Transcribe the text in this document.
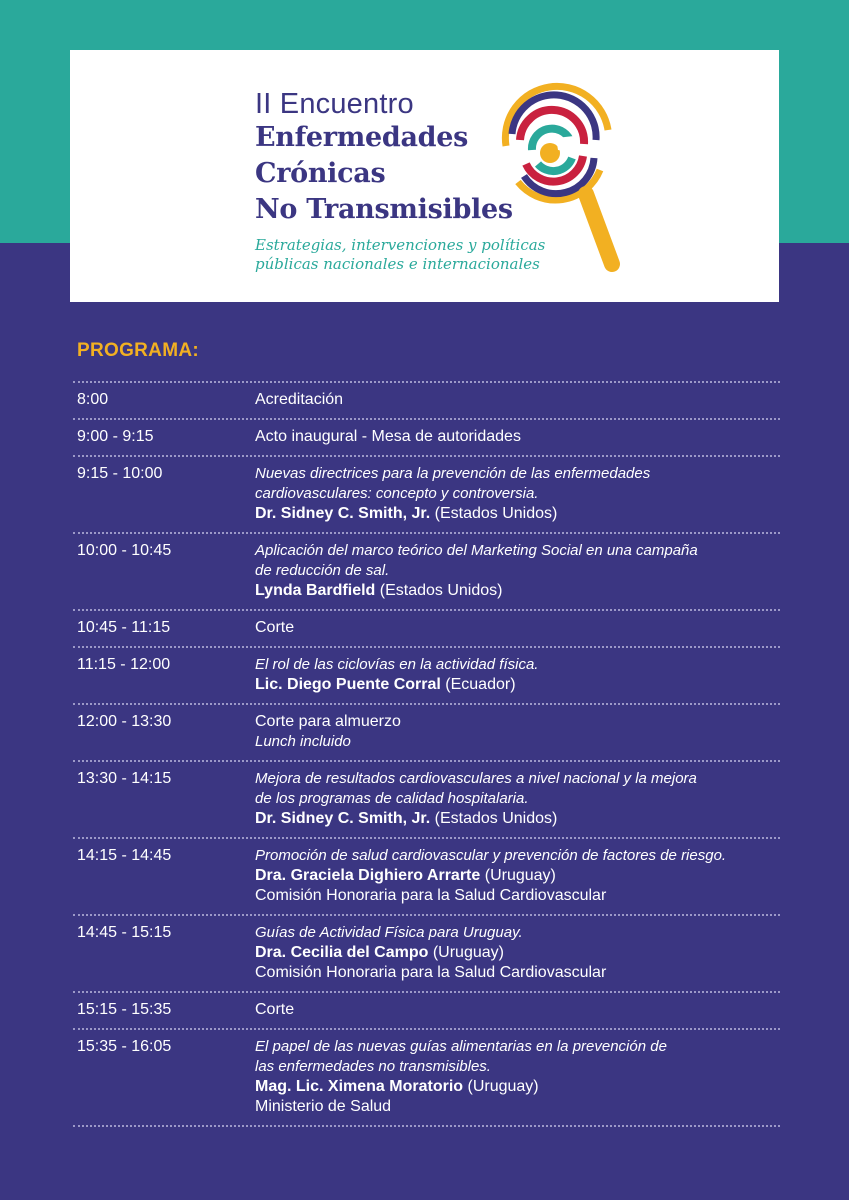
II Encuentro
Enfermedades
Crónicas
No Transmisibles
Estrategias, intervenciones y políticas
públicas nacionales e internacionales
PROGRAMA:
8:00	Acreditación
9:00 - 9:15	Acto inaugural - Mesa de autoridades
9:15 - 10:00	Nuevas directrices para la prevención de las enfermedades
cardiovasculares: concepto y controversia.
Dr. Sidney C. Smith, Jr. (Estados Unidos)
10:00 - 10:45	Aplicación del marco teórico del Marketing Social en una campaña
de reducción de sal.
Lynda Bardfield (Estados Unidos)
10:45 - 11:15	Corte
11:15 - 12:00	El rol de las ciclovías en la actividad física.
Lic. Diego Puente Corral (Ecuador)
12:00 - 13:30	Corte para almuerzo
Lunch incluido
13:30 - 14:15	Mejora de resultados cardiovasculares a nivel nacional y la mejora
de los programas de calidad hospitalaria.
Dr. Sidney C. Smith, Jr. (Estados Unidos)
14:15 - 14:45	Promoción de salud cardiovascular y prevención de factores de riesgo.
Dra. Graciela Dighiero Arrarte (Uruguay)
Comisión Honoraria para la Salud Cardiovascular
14:45 - 15:15	Guías de Actividad Física para Uruguay.
Dra. Cecilia del Campo (Uruguay)
Comisión Honoraria para la Salud Cardiovascular
15:15 - 15:35	Corte
15:35 - 16:05	El papel de las nuevas guías alimentarias en la prevención de
las enfermedades no transmisibles.
Mag. Lic. Ximena Moratorio (Uruguay)
Ministerio de Salud
